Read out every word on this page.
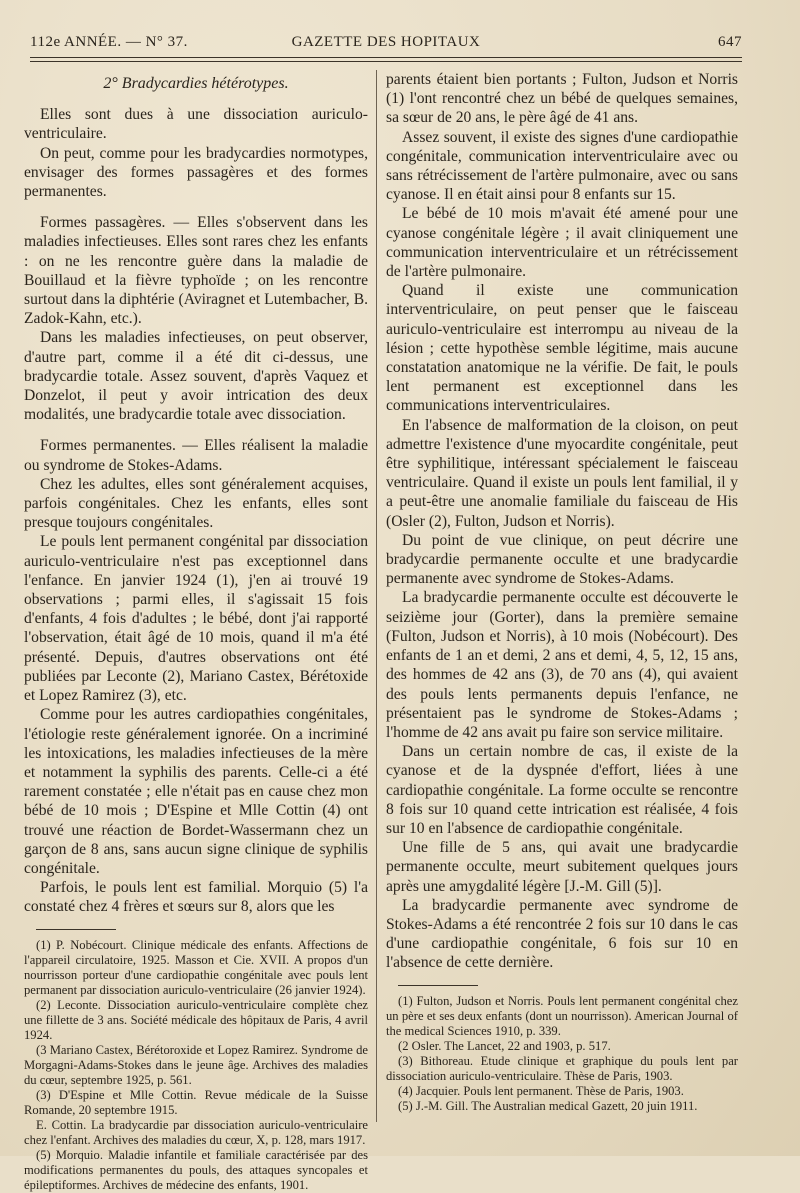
112e ANNÉE. — N° 37.	GAZETTE DES HOPITAUX	647
2° Bradycardies hétérotypes.

Elles sont dues à une dissociation auriculo-ventriculaire.

On peut, comme pour les bradycardies normotypes, envisager des formes passagères et des formes permanentes.

Formes passagères. — Elles s'observent dans les maladies infectieuses. Elles sont rares chez les enfants : on ne les rencontre guère dans la maladie de Bouillaud et la fièvre typhoïde ; on les rencontre surtout dans la diphtérie (Aviragnet et Lutembacher, B. Zadok-Kahn, etc.).

Dans les maladies infectieuses, on peut observer, d'autre part, comme il a été dit ci-dessus, une bradycardie totale. Assez souvent, d'après Vaquez et Donzelot, il peut y avoir intrication des deux modalités, une bradycardie totale avec dissociation.

Formes permanentes. — Elles réalisent la maladie ou syndrome de Stokes-Adams.

Chez les adultes, elles sont généralement acquises, parfois congénitales. Chez les enfants, elles sont presque toujours congénitales.

Le pouls lent permanent congénital par dissociation auriculo-ventriculaire n'est pas exceptionnel dans l'enfance. En janvier 1924 (1), j'en ai trouvé 19 observations ; parmi elles, il s'agissait 15 fois d'enfants, 4 fois d'adultes ; le bébé, dont j'ai rapporté l'observation, était âgé de 10 mois, quand il m'a été présenté. Depuis, d'autres observations ont été publiées par Leconte (2), Mariano Castex, Bérétoxide et Lopez Ramirez (3), etc.

Comme pour les autres cardiopathies congénitales, l'étiologie reste généralement ignorée. On a incriminé les intoxications, les maladies infectieuses de la mère et notamment la syphilis des parents. Celle-ci a été rarement constatée ; elle n'était pas en cause chez mon bébé de 10 mois ; D'Espine et Mlle Cottin (4) ont trouvé une réaction de Bordet-Wassermann chez un garçon de 8 ans, sans aucun signe clinique de syphilis congénitale.

Parfois, le pouls lent est familial. Morquio (5) l'a constaté chez 4 frères et sœurs sur 8, alors que les

(1) P. Nobécourt. Clinique médicale des enfants. Affections de l'appareil circulatoire, 1925. Masson et Cie. XVII. A propos d'un nourrisson porteur d'une cardiopathie congénitale avec pouls lent permanent par dissociation auriculo-ventriculaire (26 janvier 1924).

(2) Leconte. Dissociation auriculo-ventriculaire complète chez une fillette de 3 ans. Société médicale des hôpitaux de Paris, 4 avril 1924.

(3 Mariano Castex, Bérétoroxide et Lopez Ramirez. Syndrome de Morgagni-Adams-Stokes dans le jeune âge. Archives des maladies du cœur, septembre 1925, p. 561.

(3) D'Espine et Mlle Cottin. Revue médicale de la Suisse Romande, 20 septembre 1915.

E. Cottin. La bradycardie par dissociation auriculo-ventriculaire chez l'enfant. Archives des maladies du cœur, X, p. 128, mars 1917.

(5) Morquio. Maladie infantile et familiale caractérisée par des modifications permanentes du pouls, des attaques syncopales et épileptiformes. Archives de médecine des enfants, 1901.

parents étaient bien portants ; Fulton, Judson et Norris (1) l'ont rencontré chez un bébé de quelques semaines, sa sœur de 20 ans, le père âgé de 41 ans.

Assez souvent, il existe des signes d'une cardiopathie congénitale, communication interventriculaire avec ou sans rétrécissement de l'artère pulmonaire, avec ou sans cyanose. Il en était ainsi pour 8 enfants sur 15.

Le bébé de 10 mois m'avait été amené pour une cyanose congénitale légère ; il avait cliniquement une communication interventriculaire et un rétrécissement de l'artère pulmonaire.

Quand il existe une communication interventriculaire, on peut penser que le faisceau auriculo-ventriculaire est interrompu au niveau de la lésion ; cette hypothèse semble légitime, mais aucune constatation anatomique ne la vérifie. De fait, le pouls lent permanent est exceptionnel dans les communications interventriculaires.

En l'absence de malformation de la cloison, on peut admettre l'existence d'une myocardite congénitale, peut être syphilitique, intéressant spécialement le faisceau ventriculaire. Quand il existe un pouls lent familial, il y a peut-être une anomalie familiale du faisceau de His (Osler (2), Fulton, Judson et Norris).

Du point de vue clinique, on peut décrire une bradycardie permanente occulte et une bradycardie permanente avec syndrome de Stokes-Adams.

La bradycardie permanente occulte est découverte le seizième jour (Gorter), dans la première semaine (Fulton, Judson et Norris), à 10 mois (Nobécourt). Des enfants de 1 an et demi, 2 ans et demi, 4, 5, 12, 15 ans, des hommes de 42 ans (3), de 70 ans (4), qui avaient des pouls lents permanents depuis l'enfance, ne présentaient pas le syndrome de Stokes-Adams ; l'homme de 42 ans avait pu faire son service militaire.

Dans un certain nombre de cas, il existe de la cyanose et de la dyspnée d'effort, liées à une cardiopathie congénitale. La forme occulte se rencontre 8 fois sur 10 quand cette intrication est réalisée, 4 fois sur 10 en l'absence de cardiopathie congénitale.

Une fille de 5 ans, qui avait une bradycardie permanente occulte, meurt subitement quelques jours après une amygdalité légère [J.-M. Gill (5)].

La bradycardie permanente avec syndrome de Stokes-Adams a été rencontrée 2 fois sur 10 dans le cas d'une cardiopathie congénitale, 6 fois sur 10 en l'absence de cette dernière.

(1) Fulton, Judson et Norris. Pouls lent permanent congénital chez un père et ses deux enfants (dont un nourrisson). American Journal of the medical Sciences 1910, p. 339.

(2 Osler. The Lancet, 22 and 1903, p. 517.

(3) Bithoreau. Etude clinique et graphique du pouls lent par dissociation auriculo-ventriculaire. Thèse de Paris, 1903.

(4) Jacquier. Pouls lent permanent. Thèse de Paris, 1903.

(5) J.-M. Gill. The Australian medical Gazett, 20 juin 1911.
